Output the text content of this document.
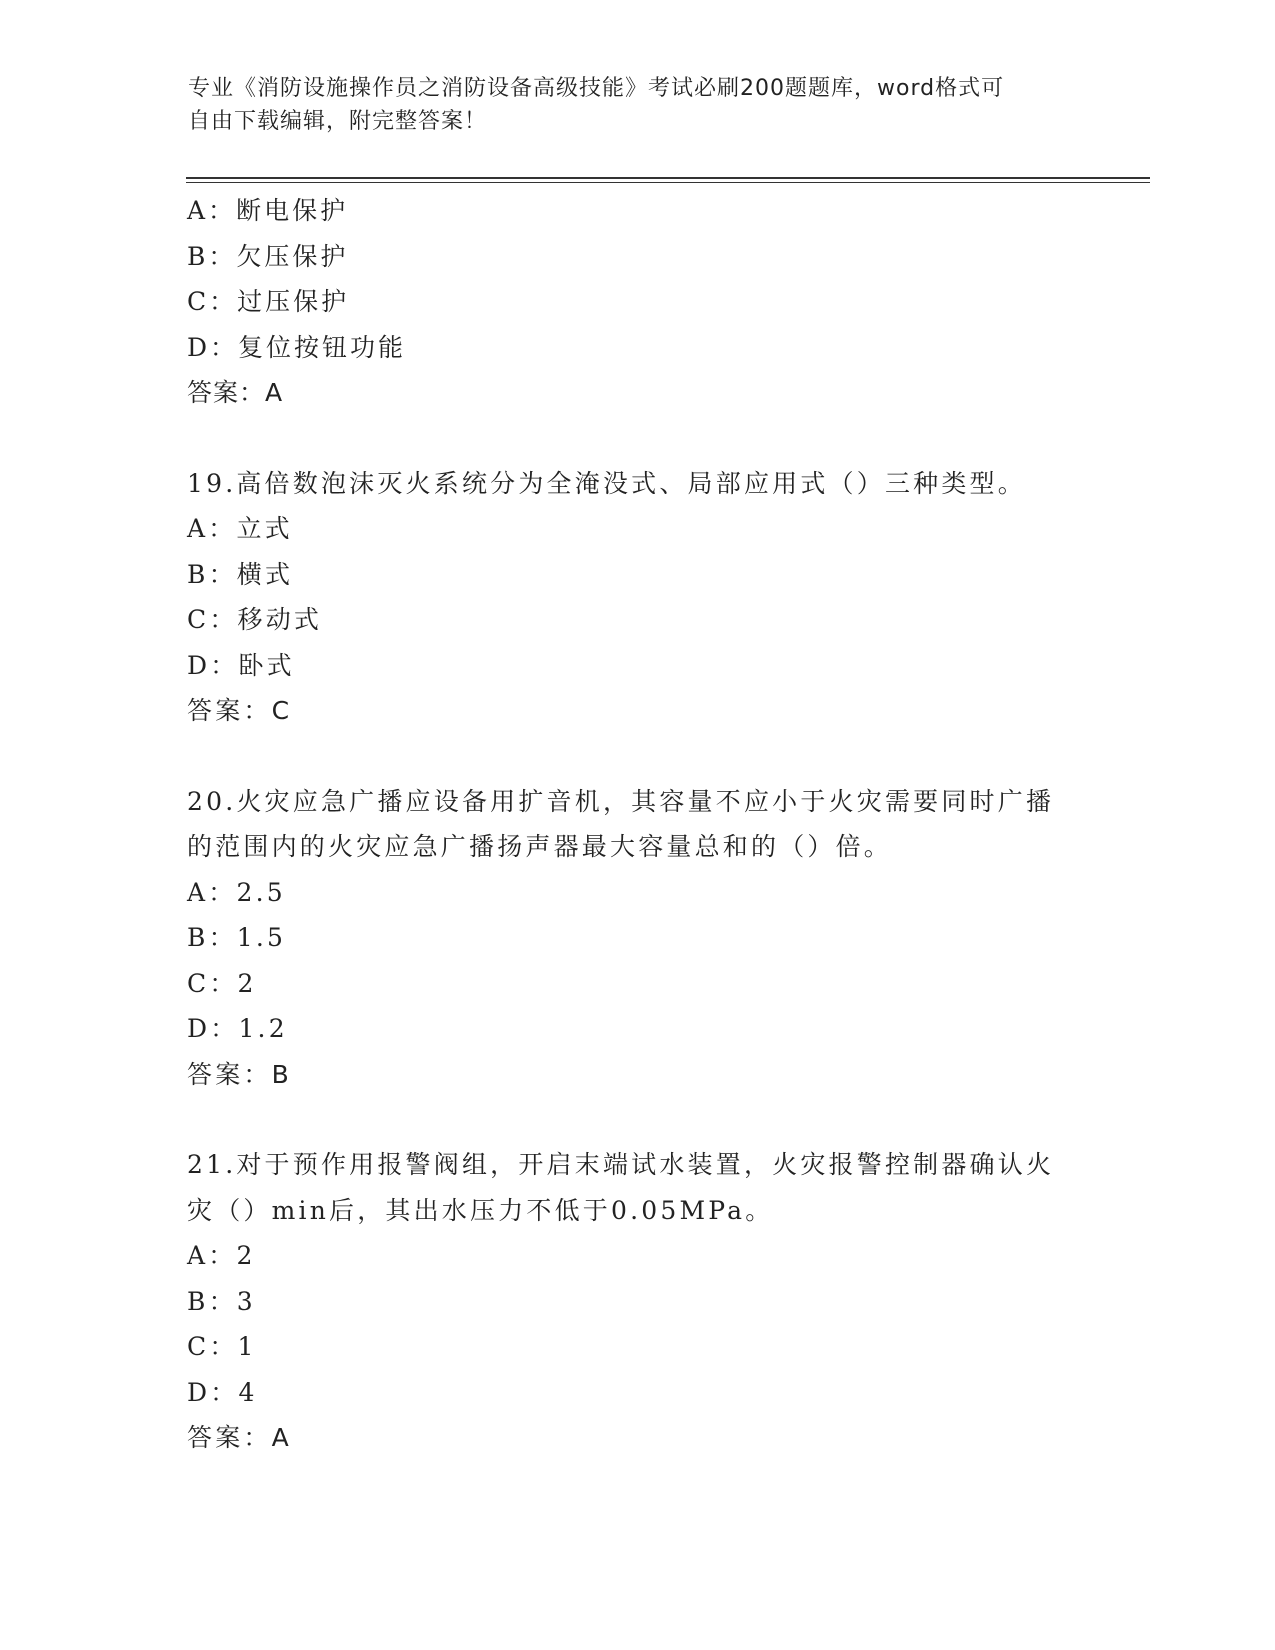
专业《消防设施操作员之消防设备高级技能》考试必刷200题题库，word格式可
自由下载编辑，附完整答案！
A：断电保护
B：欠压保护
C：过压保护
D：复位按钮功能
答案：A
19.高倍数泡沫灭火系统分为全淹没式、局部应用式（）三种类型。
A：立式
B：横式
C：移动式
D：卧式
答案：C
20.火灾应急广播应设备用扩音机，其容量不应小于火灾需要同时广播
的范围内的火灾应急广播扬声器最大容量总和的（）倍。
A：2.5
B：1.5
C：2
D：1.2
答案：B
21.对于预作用报警阀组，开启末端试水装置，火灾报警控制器确认火
灾（）min后，其出水压力不低于0.05MPa。
A：2
B：3
C：1
D：4
答案：A
